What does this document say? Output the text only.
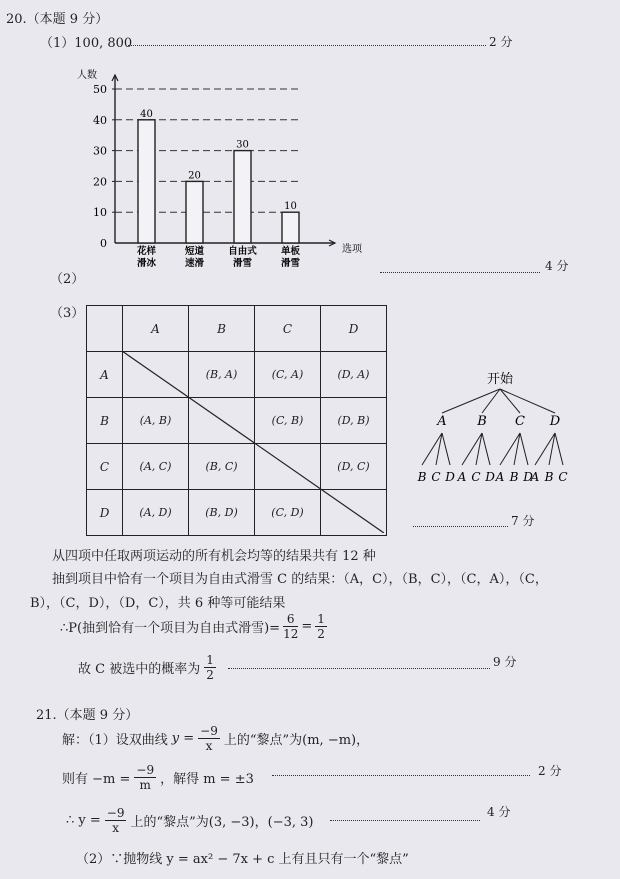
20.（本题 9 分）
（1）100, 800	2 分
人数
选项
0
10
20
30
40
50
40
花样
滑冰
20
短道
速滑
30
自由式
滑雪
10
单板
滑雪
（2）
4 分
（3）
	A	B	C	D
A		(B, A)	(C, A)	(D, A)
B	(A, B)		(C, B)	(D, B)
C	(A, C)	(B, C)		(D, C)
D	(A, D)	(B, D)	(C, D)	
开始
A
B C D
B
A C D
C
A B D
D
A B C
7 分
从四项中任取两项运动的所有机会均等的结果共有 12 种
抽到项目中恰有一个项目为自由式滑雪 C 的结果：（A，C），（B，C），（C，A），（C，
B），（C，D），（D，C），共 6 种等可能结果
∴P(抽到恰有一个项目为自由式滑雪)= $\frac{6}{12} = \frac{1}{2}$
故 C 被选中的概率为 $\frac{1}{2}$	9 分
21.（本题 9 分）
解：（1）设双曲线 $y = \frac{-9}{x}$ 上的“黎点”为(m, −m)，
则有 $-m = \frac{-9}{m}$ ，解得 m = ±3
2 分
∴ $y = \frac{-9}{x}$ 上的“黎点”为(3, −3)，(−3, 3)
4 分
（2）∵抛物线 y = ax² − 7x + c 上有且只有一个“黎点”
